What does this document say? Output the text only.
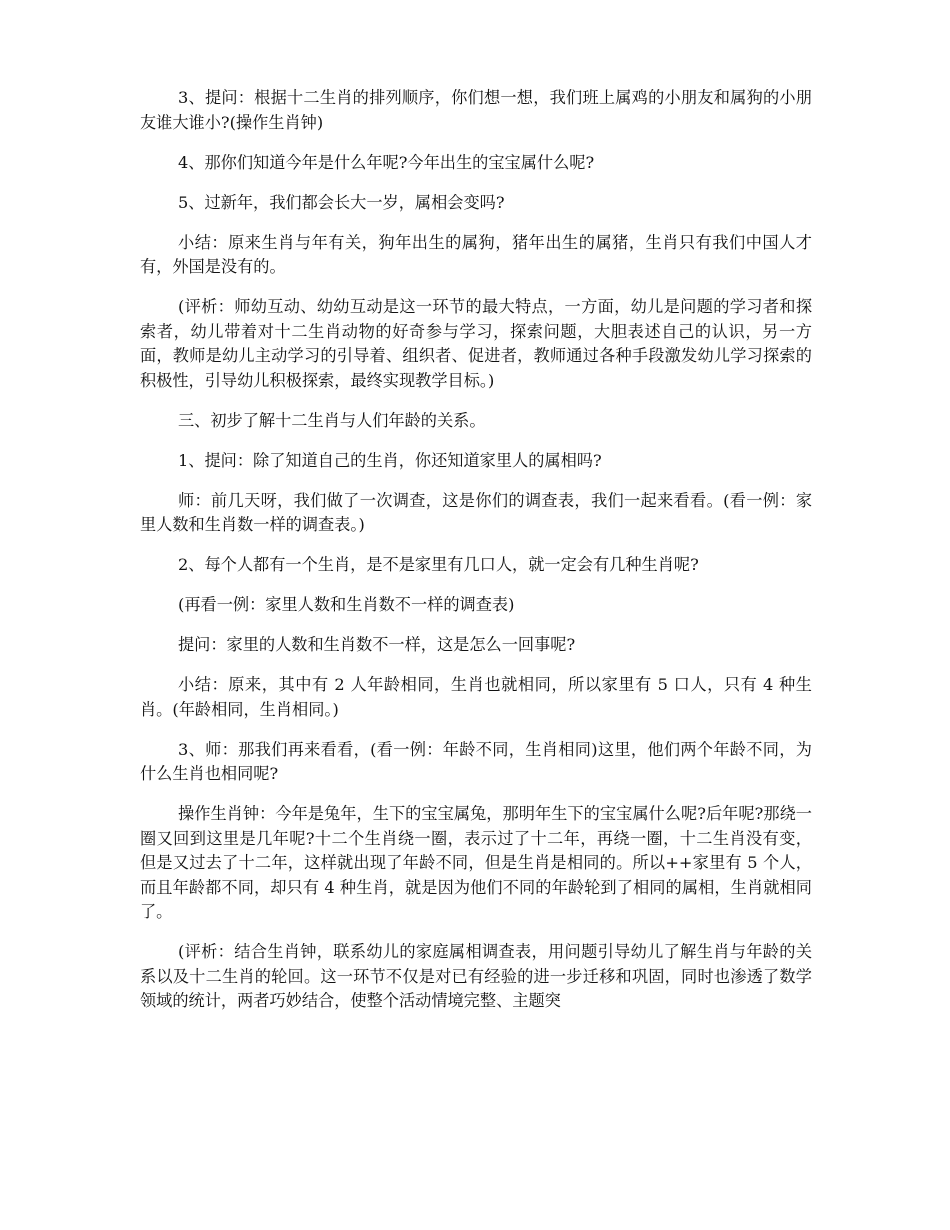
3、提问：根据十二生肖的排列顺序，你们想一想，我们班上属鸡的小朋友和属狗的小朋友谁大谁小?(操作生肖钟)

4、那你们知道今年是什么年呢?今年出生的宝宝属什么呢?

5、过新年，我们都会长大一岁，属相会变吗?

小结：原来生肖与年有关，狗年出生的属狗，猪年出生的属猪，生肖只有我们中国人才有，外国是没有的。

(评析：师幼互动、幼幼互动是这一环节的最大特点，一方面，幼儿是问题的学习者和探索者，幼儿带着对十二生肖动物的好奇参与学习，探索问题，大胆表述自己的认识，另一方面，教师是幼儿主动学习的引导着、组织者、促进者，教师通过各种手段激发幼儿学习探索的积极性，引导幼儿积极探索，最终实现教学目标。)

三、初步了解十二生肖与人们年龄的关系。

1、提问：除了知道自己的生肖，你还知道家里人的属相吗?

师：前几天呀，我们做了一次调查，这是你们的调查表，我们一起来看看。(看一例：家里人数和生肖数一样的调查表。)

2、每个人都有一个生肖，是不是家里有几口人，就一定会有几种生肖呢?

(再看一例：家里人数和生肖数不一样的调查表)

提问：家里的人数和生肖数不一样，这是怎么一回事呢?

小结：原来，其中有 2 人年龄相同，生肖也就相同，所以家里有 5 口人，只有 4 种生肖。(年龄相同，生肖相同。)

3、师：那我们再来看看，(看一例：年龄不同，生肖相同)这里，他们两个年龄不同，为什么生肖也相同呢?

操作生肖钟：今年是兔年，生下的宝宝属兔，那明年生下的宝宝属什么呢?后年呢?那绕一圈又回到这里是几年呢?十二个生肖绕一圈，表示过了十二年，再绕一圈，十二生肖没有变，但是又过去了十二年，这样就出现了年龄不同，但是生肖是相同的。所以++家里有 5 个人，而且年龄都不同，却只有 4 种生肖，就是因为他们不同的年龄轮到了相同的属相，生肖就相同了。

(评析：结合生肖钟，联系幼儿的家庭属相调查表，用问题引导幼儿了解生肖与年龄的关系以及十二生肖的轮回。这一环节不仅是对已有经验的进一步迁移和巩固，同时也渗透了数学领域的统计，两者巧妙结合，使整个活动情境完整、主题突
